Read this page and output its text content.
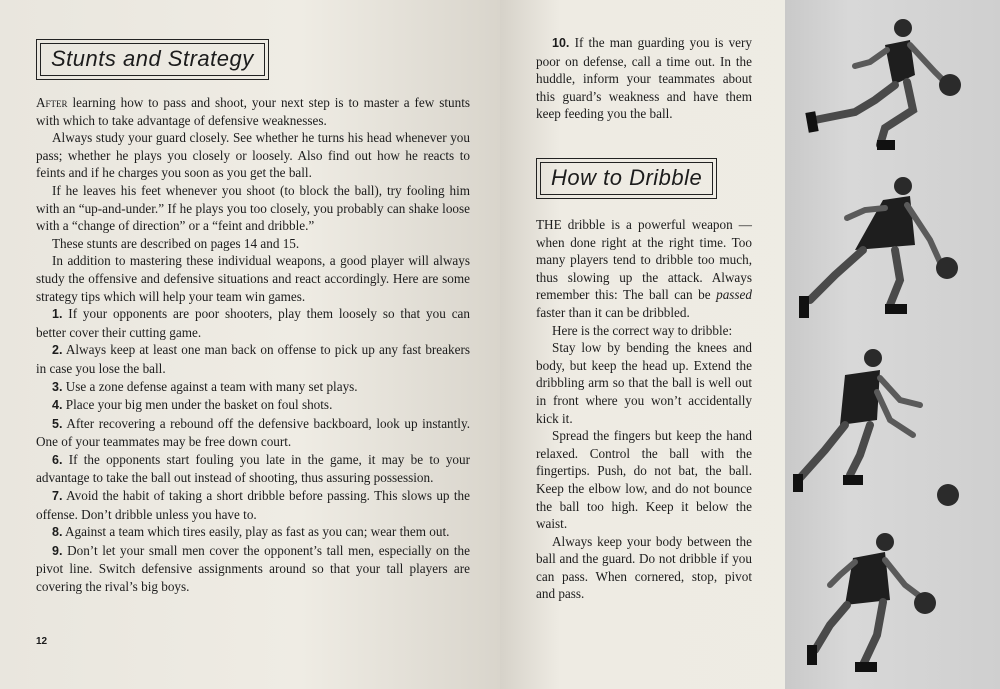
Stunts and Strategy

After learning how to pass and shoot, your next step is to master a few stunts with which to take advantage of defensive weaknesses.

Always study your guard closely. See whether he turns his head whenever you pass; whether he plays you closely or loosely. Also find out how he reacts to feints and if he charges you soon as you get the ball.

If he leaves his feet whenever you shoot (to block the ball), try fooling him with an “up-and-under.” If he plays you too closely, you probably can shake loose with a “change of direction” or a “feint and dribble.”

These stunts are described on pages 14 and 15.

In addition to mastering these individual weapons, a good player will always study the offensive and defensive situations and react accordingly. Here are some strategy tips which will help your team win games.

1. If your opponents are poor shooters, play them loosely so that you can better cover their cutting game.

2. Always keep at least one man back on offense to pick up any fast breakers in case you lose the ball.

3. Use a zone defense against a team with many set plays.

4. Place your big men under the basket on foul shots.

5. After recovering a rebound off the defensive backboard, look up instantly. One of your teammates may be free down court.

6. If the opponents start fouling you late in the game, it may be to your advantage to take the ball out instead of shooting, thus assuring possession.

7. Avoid the habit of taking a short dribble before passing. This slows up the offense. Don’t dribble unless you have to.

8. Against a team which tires easily, play as fast as you can; wear them out.

9. Don’t let your small men cover the opponent’s tall men, especially on the pivot line. Switch defensive assignments around so that your tall players are covering the rival’s big boys.

12

10. If the man guarding you is very poor on defense, call a time out. In the huddle, inform your teammates about this guard’s weakness and have them keep feeding you the ball.

How to Dribble

THE dribble is a powerful weapon —when done right at the right time. Too many players tend to dribble too much, thus slowing up the attack. Always remember this: The ball can be passed faster than it can be dribbled.

Here is the correct way to dribble:

Stay low by bending the knees and body, but keep the head up. Extend the dribbling arm so that the ball is well out in front where you won’t accidentally kick it.

Spread the fingers but keep the hand relaxed. Control the ball with the fingertips. Push, do not bat, the ball. Keep the elbow low, and do not bounce the ball too high. Keep it below the waist.

Always keep your body between the ball and the guard. Do not dribble if you can pass. When cornered, stop, pivot and pass.
